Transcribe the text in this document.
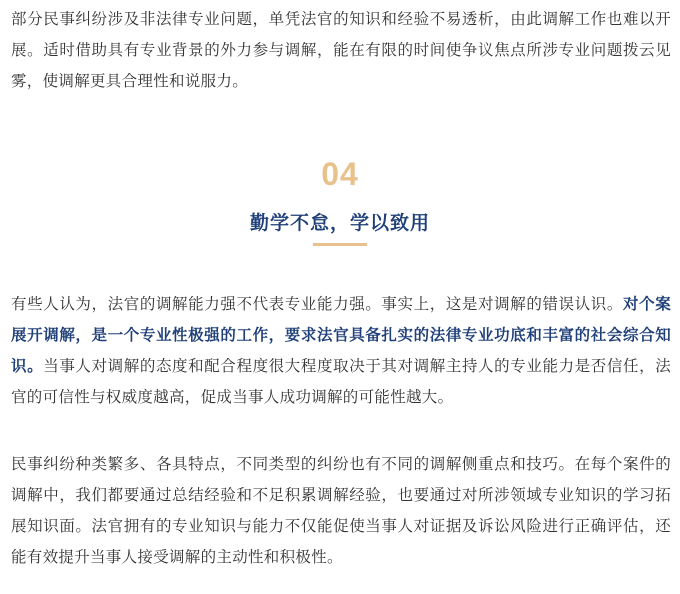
部分民事纠纷涉及非法律专业问题，单凭法官的知识和经验不易透析，由此调解工作也难以开展。适时借助具有专业背景的外力参与调解，能在有限的时间使争议焦点所涉专业问题拨云见雾，使调解更具合理性和说服力。

04
勤学不怠，学以致用

有些人认为，法官的调解能力强不代表专业能力强。事实上，这是对调解的错误认识。对个案展开调解，是一个专业性极强的工作，要求法官具备扎实的法律专业功底和丰富的社会综合知识。当事人对调解的态度和配合程度很大程度取决于其对调解主持人的专业能力是否信任，法官的可信性与权威度越高，促成当事人成功调解的可能性越大。

民事纠纷种类繁多、各具特点，不同类型的纠纷也有不同的调解侧重点和技巧。在每个案件的调解中，我们都要通过总结经验和不足积累调解经验，也要通过对所涉领域专业知识的学习拓展知识面。法官拥有的专业知识与能力不仅能促使当事人对证据及诉讼风险进行正确评估，还能有效提升当事人接受调解的主动性和积极性。
